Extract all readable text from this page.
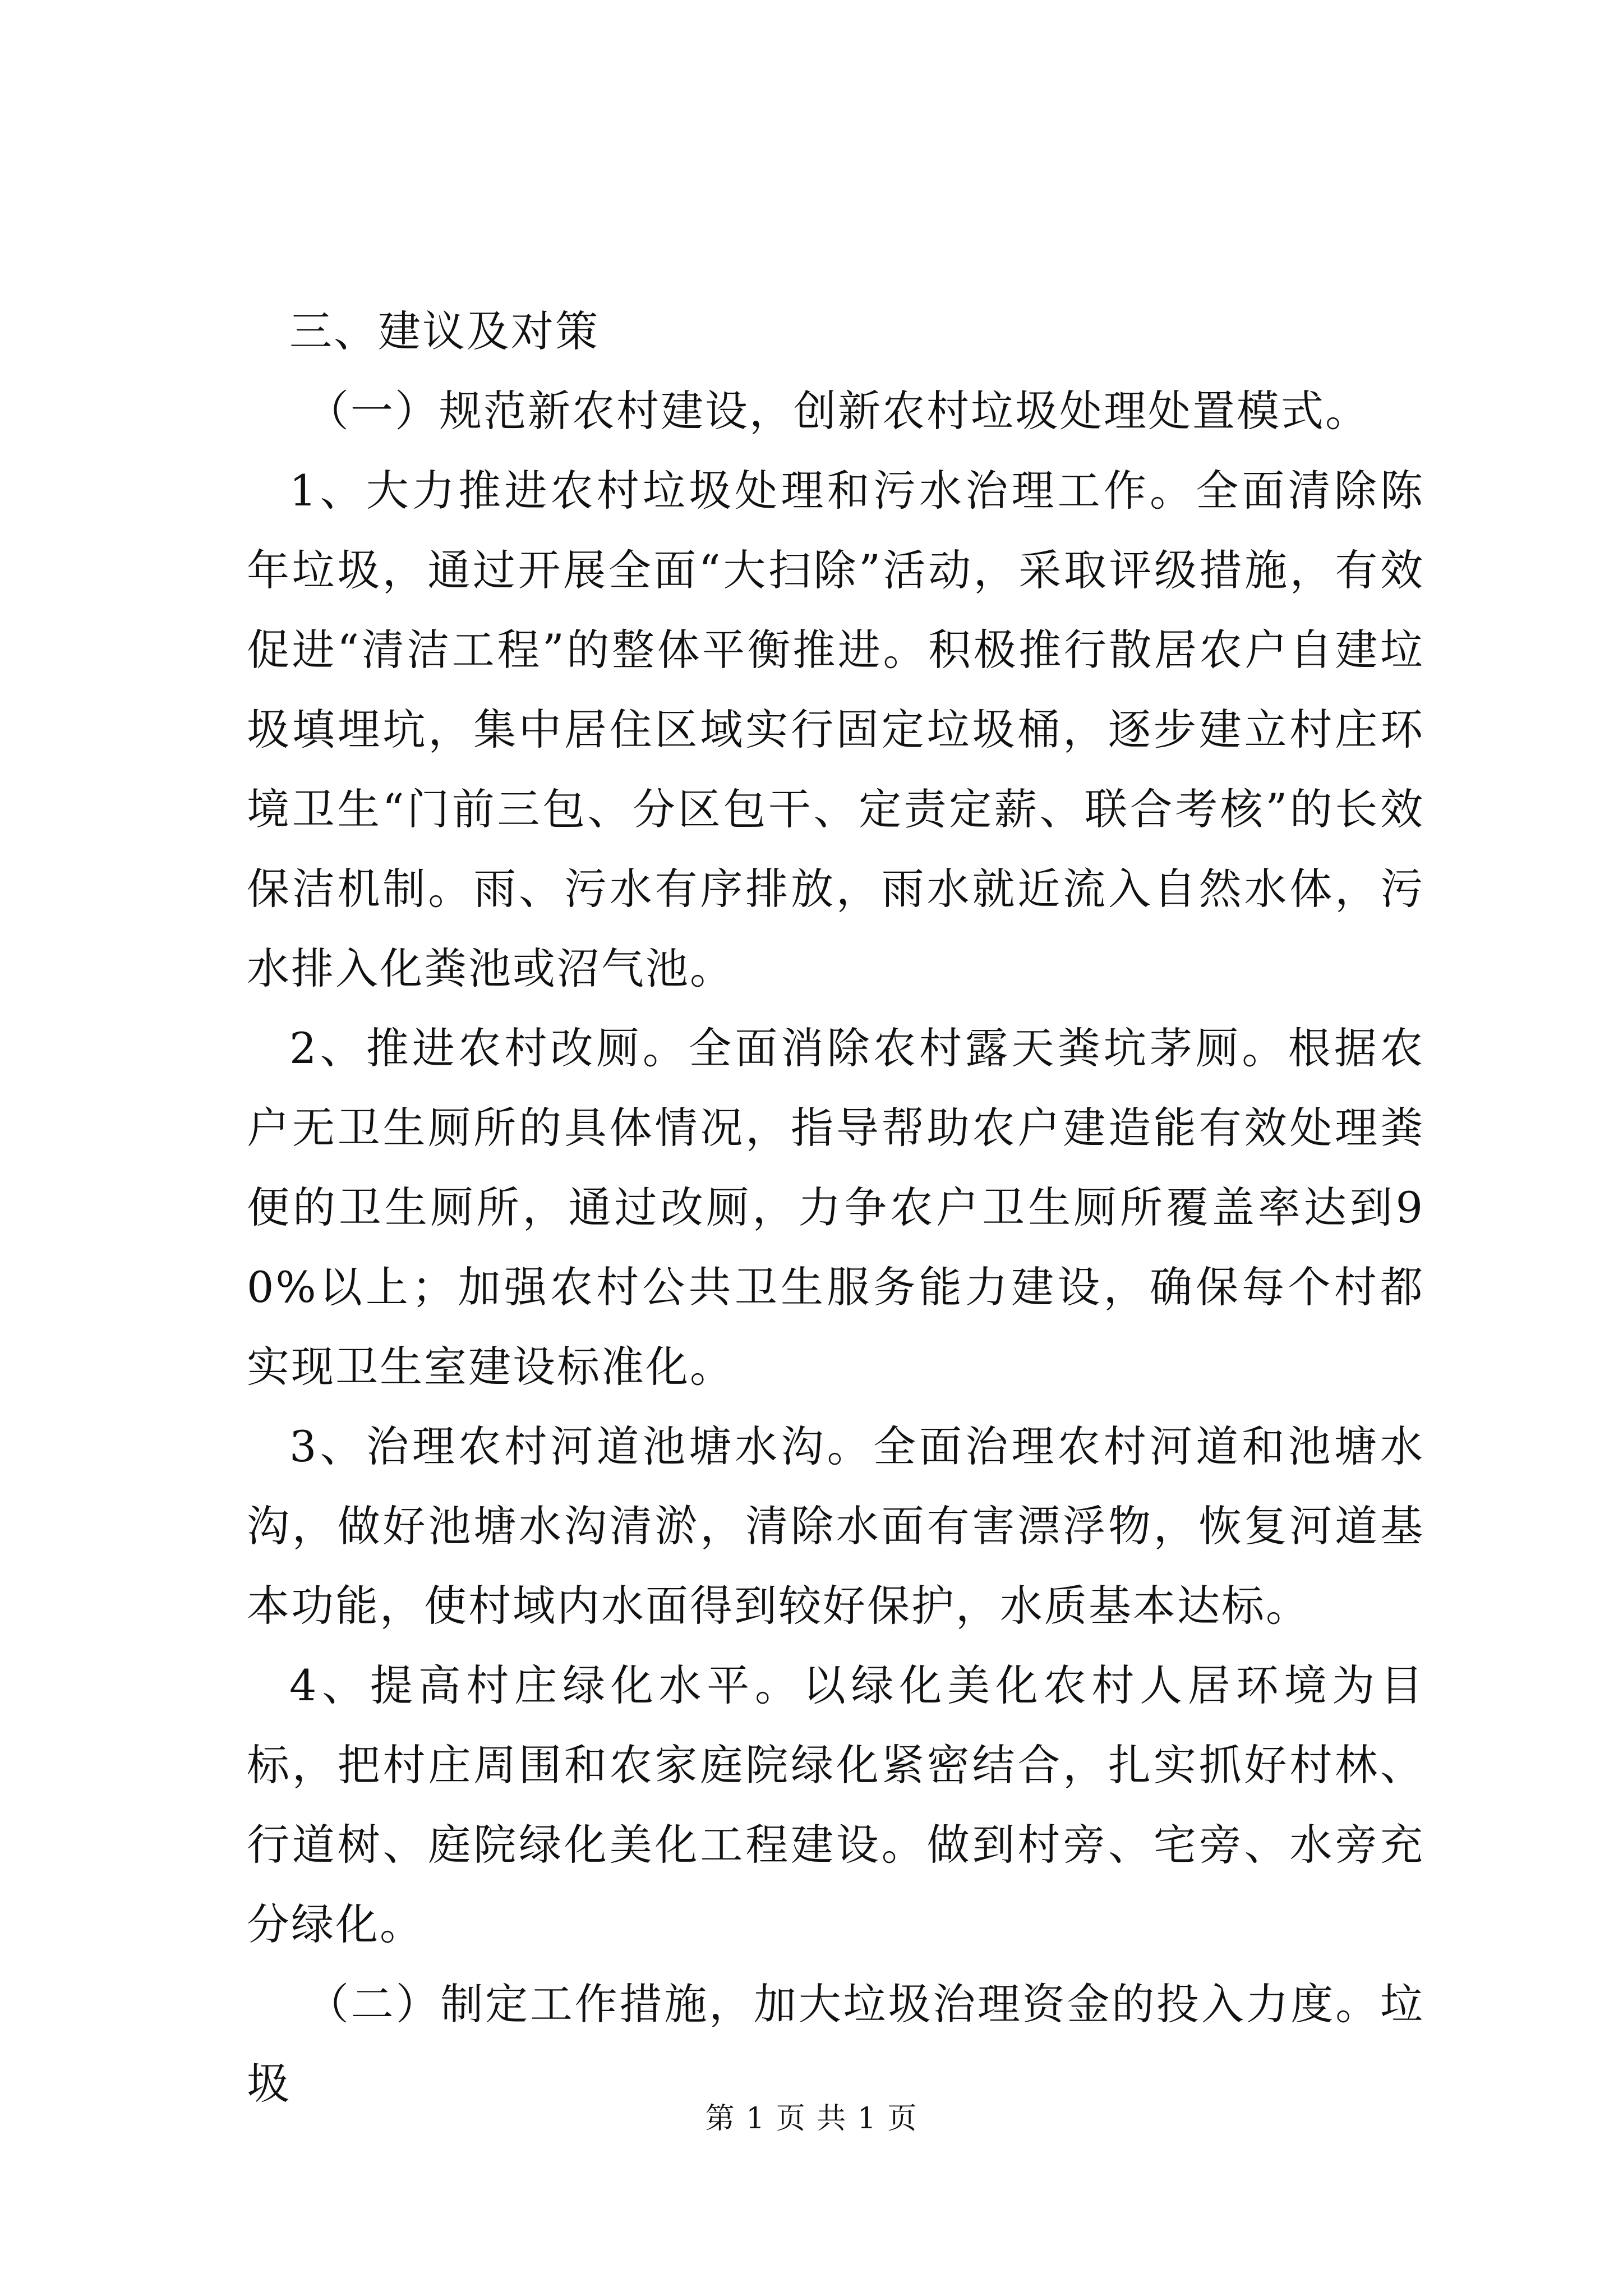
三、建议及对策

（一）规范新农村建设，创新农村垃圾处理处置模式。

1、大力推进农村垃圾处理和污水治理工作。全面清除陈年垃圾，通过开展全面“大扫除”活动，采取评级措施，有效促进“清洁工程”的整体平衡推进。积极推行散居农户自建垃圾填埋坑，集中居住区域实行固定垃圾桶，逐步建立村庄环境卫生“门前三包、分区包干、定责定薪、联合考核”的长效保洁机制。雨、污水有序排放，雨水就近流入自然水体，污水排入化粪池或沼气池。

2、推进农村改厕。全面消除农村露天粪坑茅厕。根据农户无卫生厕所的具体情况，指导帮助农户建造能有效处理粪便的卫生厕所，通过改厕，力争农户卫生厕所覆盖率达到90%以上；加强农村公共卫生服务能力建设，确保每个村都实现卫生室建设标准化。

3、治理农村河道池塘水沟。全面治理农村河道和池塘水沟，做好池塘水沟清淤，清除水面有害漂浮物，恢复河道基本功能，使村域内水面得到较好保护，水质基本达标。

4、提高村庄绿化水平。以绿化美化农村人居环境为目标，把村庄周围和农家庭院绿化紧密结合，扎实抓好村林、行道树、庭院绿化美化工程建设。做到村旁、宅旁、水旁充分绿化。

（二）制定工作措施，加大垃圾治理资金的投入力度。垃圾

第 1 页 共 1 页
